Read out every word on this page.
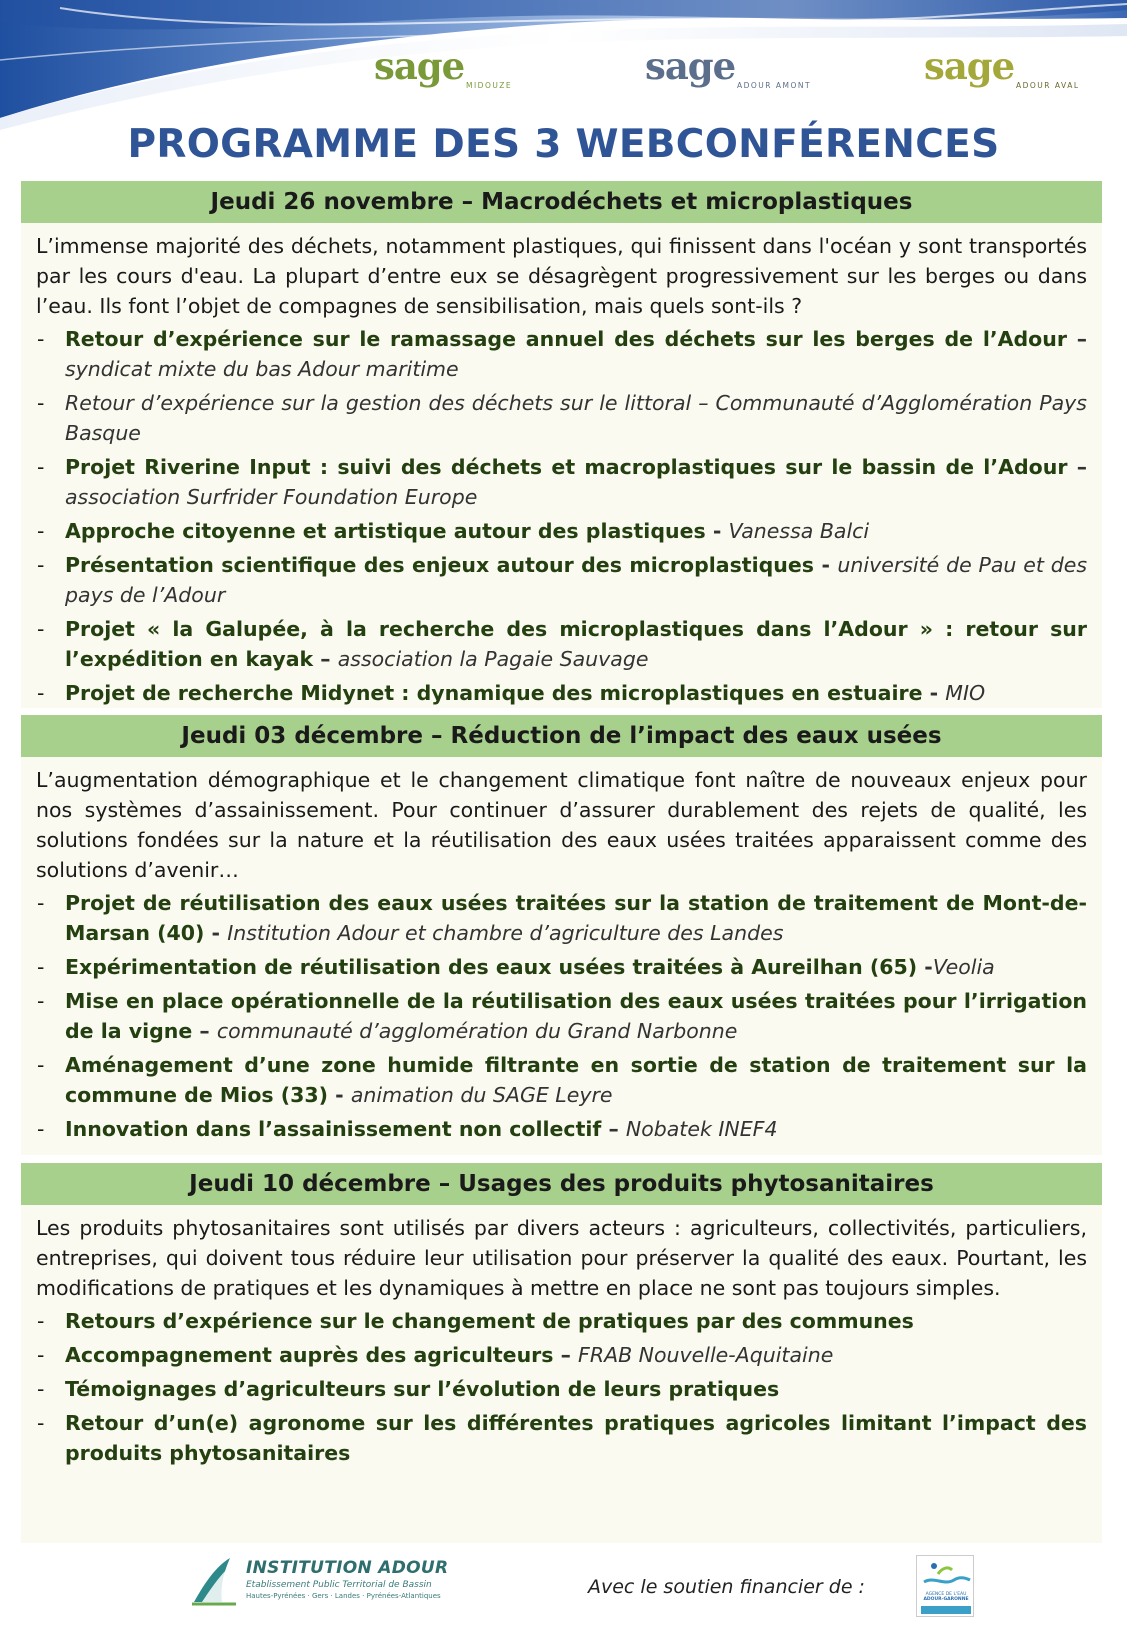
sage MIDOUZE	sage ADOUR AMONT	sage ADOUR AVAL
PROGRAMME DES 3 WEBCONFÉRENCES
Jeudi 26 novembre – Macrodéchets et microplastiques

L’immense majorité des déchets, notamment plastiques, qui finissent dans l'océan y sont transportés par les cours d'eau. La plupart d’entre eux se désagrègent progressivement sur les berges ou dans l’eau. Ils font l’objet de compagnes de sensibilisation, mais quels sont-ils ?

- Retour d’expérience sur le ramassage annuel des déchets sur les berges de l’Adour – syndicat mixte du bas Adour maritime
- Retour d’expérience sur la gestion des déchets sur le littoral – Communauté d’Agglomération Pays Basque
- Projet Riverine Input : suivi des déchets et macroplastiques sur le bassin de l’Adour – association Surfrider Foundation Europe
- Approche citoyenne et artistique autour des plastiques - Vanessa Balci
- Présentation scientifique des enjeux autour des microplastiques - université de Pau et des pays de l’Adour
- Projet « la Galupée, à la recherche des microplastiques dans l’Adour » : retour sur l’expédition en kayak – association la Pagaie Sauvage
- Projet de recherche Midynet : dynamique des microplastiques en estuaire - MIO
Jeudi 03 décembre – Réduction de l’impact des eaux usées

L’augmentation démographique et le changement climatique font naître de nouveaux enjeux pour nos systèmes d’assainissement. Pour continuer d’assurer durablement des rejets de qualité, les solutions fondées sur la nature et la réutilisation des eaux usées traitées apparaissent comme des solutions d’avenir…

- Projet de réutilisation des eaux usées traitées sur la station de traitement de Mont-de-Marsan (40) - Institution Adour et chambre d’agriculture des Landes
- Expérimentation de réutilisation des eaux usées traitées à Aureilhan (65) -Veolia
- Mise en place opérationnelle de la réutilisation des eaux usées traitées pour l’irrigation de la vigne – communauté d’agglomération du Grand Narbonne
- Aménagement d’une zone humide filtrante en sortie de station de traitement sur la commune de Mios (33) - animation du SAGE Leyre
- Innovation dans l’assainissement non collectif – Nobatek INEF4
Jeudi 10 décembre – Usages des produits phytosanitaires

Les produits phytosanitaires sont utilisés par divers acteurs : agriculteurs, collectivités, particuliers, entreprises, qui doivent tous réduire leur utilisation pour préserver la qualité des eaux. Pourtant, les modifications de pratiques et les dynamiques à mettre en place ne sont pas toujours simples.

- Retours d’expérience sur le changement de pratiques par des communes
- Accompagnement auprès des agriculteurs – FRAB Nouvelle-Aquitaine
- Témoignages d’agriculteurs sur l’évolution de leurs pratiques
- Retour d’un(e) agronome sur les différentes pratiques agricoles limitant l’impact des produits phytosanitaires
INSTITUTION ADOUR
Etablissement Public Territorial de Bassin
Hautes-Pyrénées · Gers · Landes · Pyrénées-Atlantiques	Avec le soutien financier de :	AGENCE DE L'EAU
ADOUR-GARONNE
